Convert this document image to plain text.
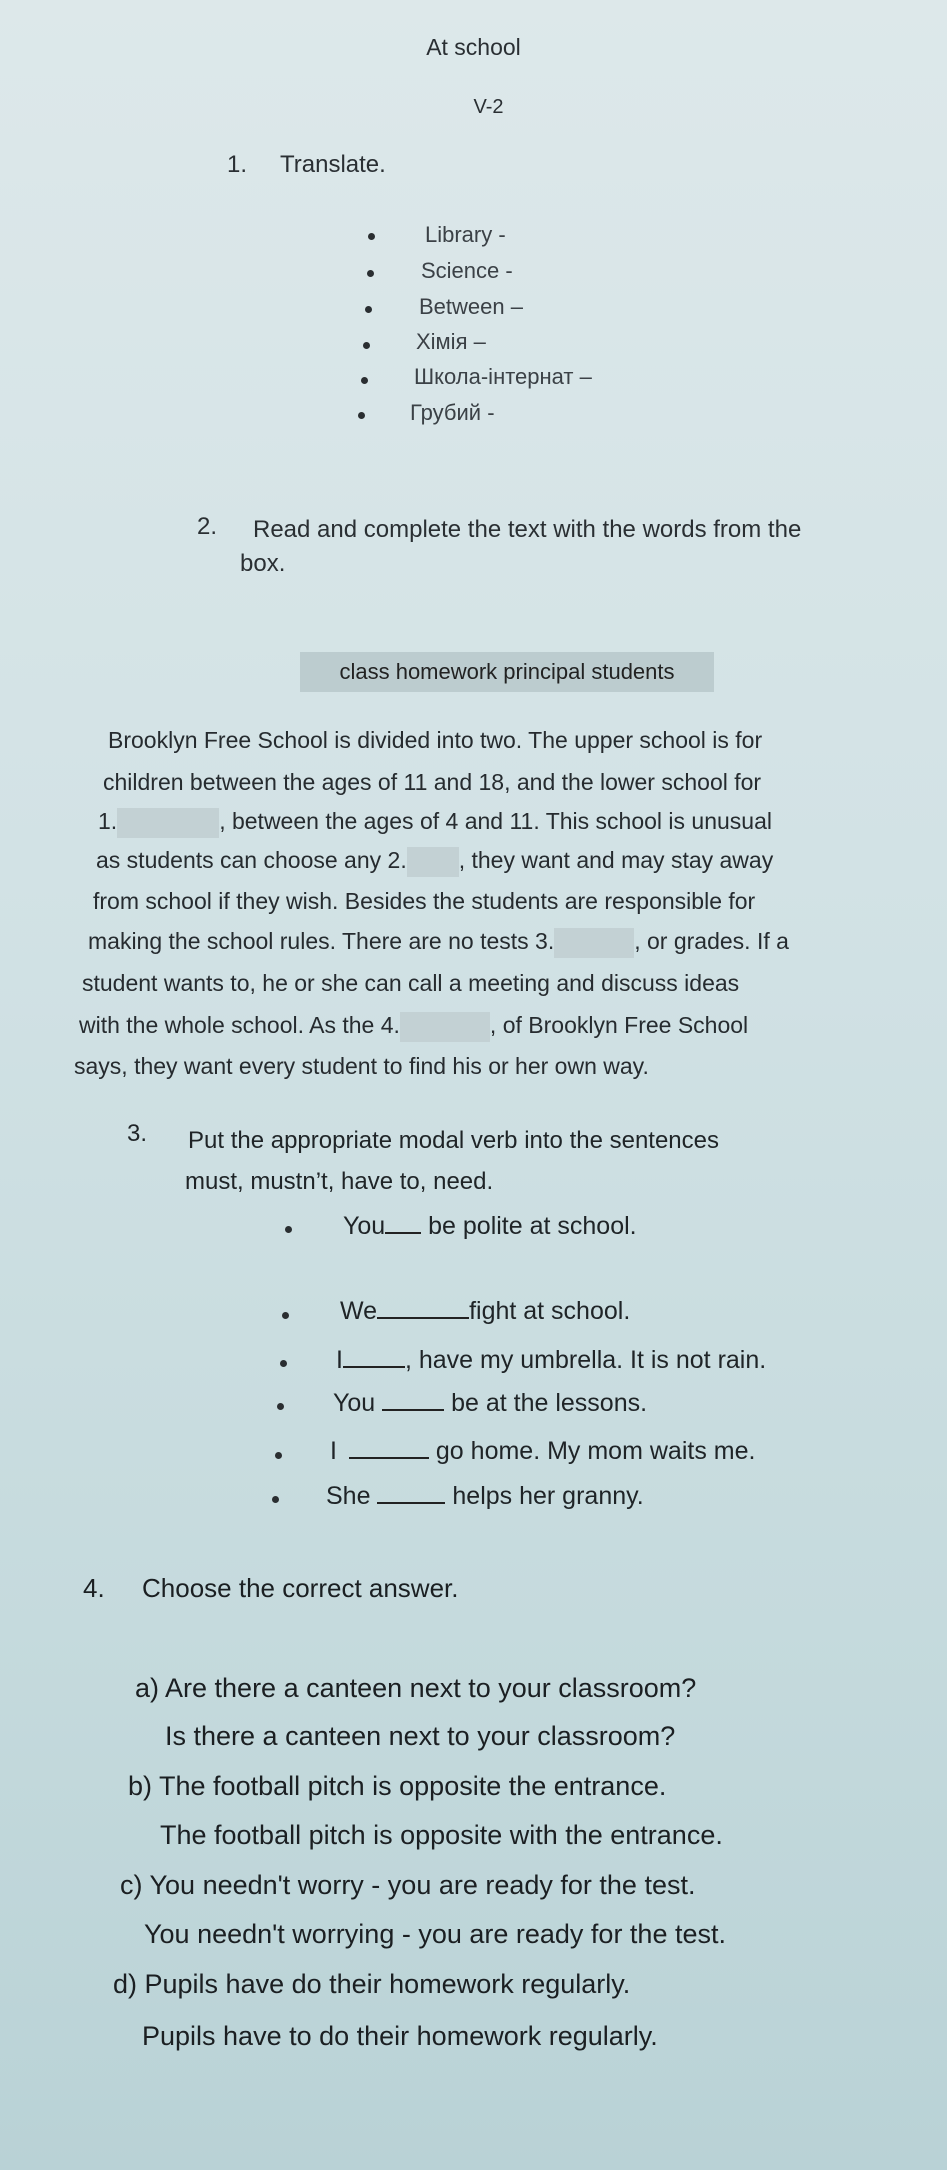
At school
V-2
1. Translate.
Library -
Science -
Between –
Хімія –
Школа-інтернат –
Грубий -
2. Read and complete the text with the words from the
box.
class homework principal students
Brooklyn Free School is divided into two. The upper school is for
children between the ages of 11 and 18, and the lower school for
1.	, between the ages of 4 and 11. This school is unusual
as students can choose any 2. , they want and may stay away
from school if they wish. Besides the students are responsible for
making the school rules. There are no tests 3.	, or grades. If a
student wants to, he or she can call a meeting and discuss ideas
with the whole school. As the 4.	, of Brooklyn Free School
says, they want every student to find his or her own way.
3. Put the appropriate modal verb into the sentences
must, mustn’t, have to, need.
You be polite at school.
We	fight at school.
I , have my umbrella. It is not rain.
You	be at the lessons.
I	go home. My mom waits me.
She	helps her granny.
4. Choose the correct answer.
a) Are there a canteen next to your classroom?
Is there a canteen next to your classroom?
b) The football pitch is opposite the entrance.
The football pitch is opposite with the entrance.
c) You needn't worry - you are ready for the test.
You needn't worrying - you are ready for the test.
d) Pupils have do their homework regularly.
Pupils have to do their homework regularly.
